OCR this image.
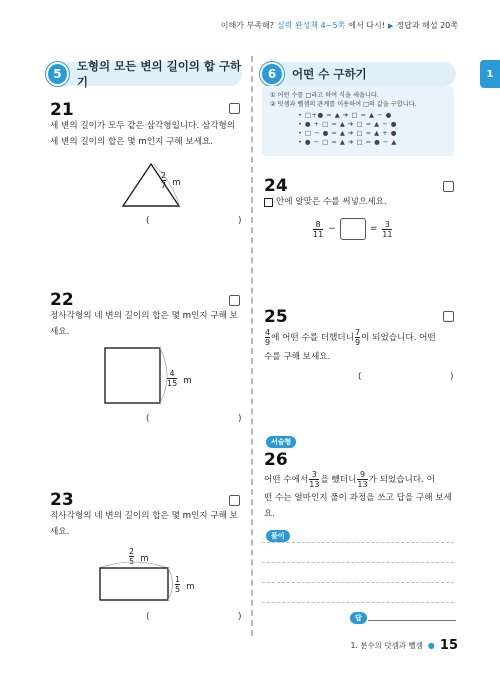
이해가 부족해? 실력 완성책 4~5쪽 에서 다시! ▶ 정답과 해설 20쪽
1
5
도형의 모든 변의 길이의 합 구하기
6	어떤 수 구하기
① 어떤 수를 □라고 하여 식을 세웁니다.
② 덧셈과 뺄셈의 관계를 이용하여 □의 값을 구합니다.
• □+● = ▲ ➔ □ = ▲ − ●
• ● + □ = ▲ ➔ □ = ▲ − ●
• □ − ● = ▲ ➔ □ = ▲ + ●
• ● − □ = ▲ ➔ □ = ● − ▲
21
세 변의 길이가 모두 같은 삼각형입니다. 삼각형의
세 변의 길이의 합은 몇 m인지 구해 보세요.
$\frac{2}{7}$ m
(	)
22
정사각형의 네 변의 길이의 합은 몇 m인지 구해 보
세요.
$\frac{4}{15}$ m
(	)
23
직사각형의 네 변의 길이의 합은 몇 m인지 구해 보
세요.
$\frac{2}{5}$ m
$\frac{1}{5}$ m
(	)
24
안에 알맞은 수를 써넣으세요.
$\frac{8}{11}$ −	= $\frac{3}{11}$
25
$\frac{4}{9}$ 에 어떤 수를 더했더니 $\frac{7}{9}$ 이 되었습니다. 어떤
수를 구해 보세요.
(	)
서술형
26
어떤 수에서 $\frac{3}{13}$ 을 뺐더니 $\frac{9}{13}$ 가 되었습니다. 어
떤 수는 얼마인지 풀이 과정을 쓰고 답을 구해 보세
요.
풀이
답
1. 분수의 덧셈과 뺄셈 ● 15
